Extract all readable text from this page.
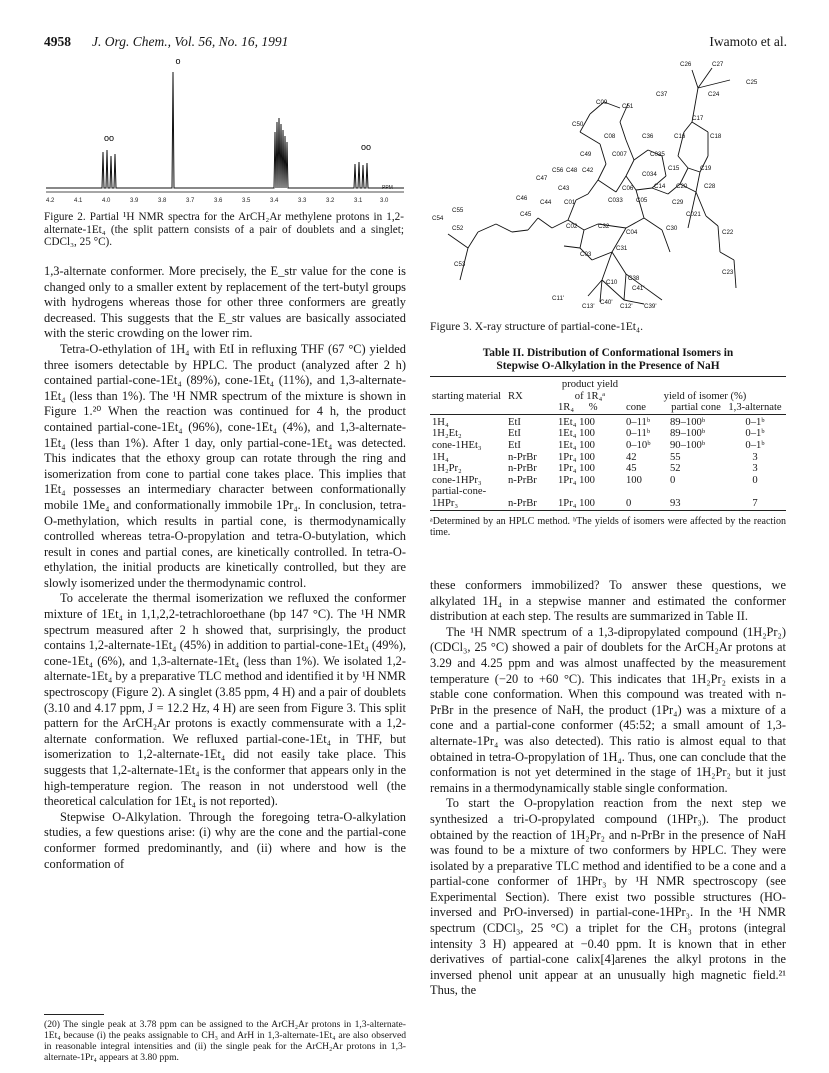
4958 J. Org. Chem., Vol. 56, No. 16, 1991	Iwamoto et al.
o
oo
oo
4.2	4.1	4.0	3.9	3.8	3.7	3.6	3.5	3.4	3.3	3.2	3.1	3.0
PPM
Figure 2. Partial ¹H NMR spectra for the ArCH₂Ar methylene protons in 1,2-alternate-1Et₄ (the split pattern consists of a pair of doublets and a singlet; CDCl₃, 25 °C).

1,3-alternate conformer. More precisely, the E_str value for the cone is changed only to a smaller extent by replacement of the tert-butyl groups with hydrogens whereas those for other three conformers are greatly decreased. This suggests that the E_str values are basically associated with the steric crowding on the lower rim.

Tetra-O-ethylation of 1H₄ with EtI in refluxing THF (67 °C) yielded three isomers detectable by HPLC. The product (analyzed after 2 h) contained partial-cone-1Et₄ (89%), cone-1Et₄ (11%), and 1,3-alternate-1Et₄ (less than 1%). The ¹H NMR spectrum of the mixture is shown in Figure 1.²⁰ When the reaction was continued for 4 h, the product contained partial-cone-1Et₄ (96%), cone-1Et₄ (4%), and 1,3-alternate-1Et₄ (less than 1%). After 1 day, only partial-cone-1Et₄ was detected. This indicates that the ethoxy group can rotate through the ring and isomerization from cone to partial cone takes place. This implies that 1Et₄ possesses an intermediary character between conformationally mobile 1Me₄ and conformationally immobile 1Pr₄. In conclusion, tetra-O-methylation, which results in partial cone, is thermodynamically controlled whereas tetra-O-propylation and tetra-O-butylation, which result in cones and partial cones, are kinetically controlled. In tetra-O-ethylation, the initial products are kinetically controlled, but they are slowly isomerized under the thermodynamic control.

To accelerate the thermal isomerization we refluxed the conformer mixture of 1Et₄ in 1,1,2,2-tetrachloroethane (bp 147 °C). The ¹H NMR spectrum measured after 2 h showed that, surprisingly, the product contains 1,2-alternate-1Et₄ (45%) in addition to partial-cone-1Et₄ (49%), cone-1Et₄ (6%), and 1,3-alternate-1Et₄ (less than 1%). We isolated 1,2-alternate-1Et₄ by a preparative TLC method and identified it by ¹H NMR spectroscopy (Figure 2). A singlet (3.85 ppm, 4 H) and a pair of doublets (3.10 and 4.17 ppm, J = 12.2 Hz, 4 H) are seen from Figure 3. This split pattern for the ArCH₂Ar protons is exactly commensurate with a 1,2-alternate conformation. We refluxed partial-cone-1Et₄ in THF, but isomerization to 1,2-alternate-1Et₄ did not easily take place. This suggests that 1,2-alternate-1Et₄ is the conformer that appears only in the high-temperature region. The reason in not understood well (the theoretical calculation for 1Et₄ is not reported).

Stepwise O-Alkylation. Through the foregoing tetra-O-alkylation studies, a few questions arise: (i) why are the cone and the partial-cone conformer formed predominantly, and (ii) where and how is the conformation of

(20) The single peak at 3.78 ppm can be assigned to the ArCH₂Ar protons in 1,3-alternate-1Et₄ because (i) the peaks assignable to CH₃ and ArH in 1,3-alternate-1Et₄ are also observed in reasonable integral intensities and (ii) the single peak for the ArCH₂Ar protons in 1,3-alternate-1Pr₄ appears at 3.80 ppm.
C26	C27
C25
C24
C37
C09
C51
C50
C17
C18
C08	C36	C16
C49	C007	C035
C56 C48 C42	C15	C19
C47
C034
C14 C20	C28
C43	C06
C46
C44 C01	C033 C05	C29
C45
C55
C021
C54
C52	C02	C32
C04
C30
C22
C03
C31
C53
C23
C10
C38
C41'
C11'
C13'
C40'
C12' C39'
Figure 3. X-ray structure of partial-cone-1Et₄.
Table II. Distribution of Conformational Isomers in
Stepwise O-Alkylation in the Presence of NaH
starting material	RX	product yield of 1R₄ᵃ	yield of isomer (%)		
		1R₄ %	cone	partial cone	1,3-alternate

1H₄	EtI	1Et₄ 100	0–11ᵇ	89–100ᵇ	0–1ᵇ
1H₂Et₂	EtI	1Et₄ 100	0–11ᵇ	89–100ᵇ	0–1ᵇ
cone-1HEt₃	EtI	1Et₄ 100	0–10ᵇ	90–100ᵇ	0–1ᵇ
1H₄	n-PrBr	1Pr₄ 100	42	55	3
1H₂Pr₂	n-PrBr	1Pr₄ 100	45	52	3
cone-1HPr₃	n-PrBr	1Pr₄ 100	100	0	0
partial-cone-1HPr₃	n-PrBr	1Pr₄ 100	0	93	7

ᵃDetermined by an HPLC method. ᵇThe yields of isomers were affected by the reaction time.

these conformers immobilized? To answer these questions, we alkylated 1H₄ in a stepwise manner and estimated the conformer distribution at each step. The results are summarized in Table II.

The ¹H NMR spectrum of a 1,3-dipropylated compound (1H₂Pr₂) (CDCl₃, 25 °C) showed a pair of doublets for the ArCH₂Ar protons at 3.29 and 4.25 ppm and was almost unaffected by the measurement temperature (−20 to +60 °C). This indicates that 1H₂Pr₂ exists in a stable cone conformation. When this compound was treated with n-PrBr in the presence of NaH, the product (1Pr₄) was a mixture of a cone and a partial-cone conformer (45:52; a small amount of 1,3-alternate-1Pr₄ was also detected). This ratio is almost equal to that obtained in tetra-O-propylation of 1H₄. Thus, one can conclude that the conformation is not yet determined in the stage of 1H₂Pr₂ but it just remains in a thermodynamically stable single conformation.

To start the O-propylation reaction from the next step we synthesized a tri-O-propylated compound (1HPr₃). The product obtained by the reaction of 1H₂Pr₂ and n-PrBr in the presence of NaH was found to be a mixture of two conformers by HPLC. They were isolated by a preparative TLC method and identified to be a cone and a partial-cone conformer of 1HPr₃ by ¹H NMR spectroscopy (see Experimental Section). There exist two possible structures (HO-inversed and PrO-inversed) in partial-cone-1HPr₃. In the ¹H NMR spectrum (CDCl₃, 25 °C) a triplet for the CH₃ protons (integral intensity 3 H) appeared at −0.40 ppm. It is known that in ether derivatives of partial-cone calix[4]arenes the alkyl protons in the inversed phenol unit appear at an unusually high magnetic field.²¹ Thus, the
